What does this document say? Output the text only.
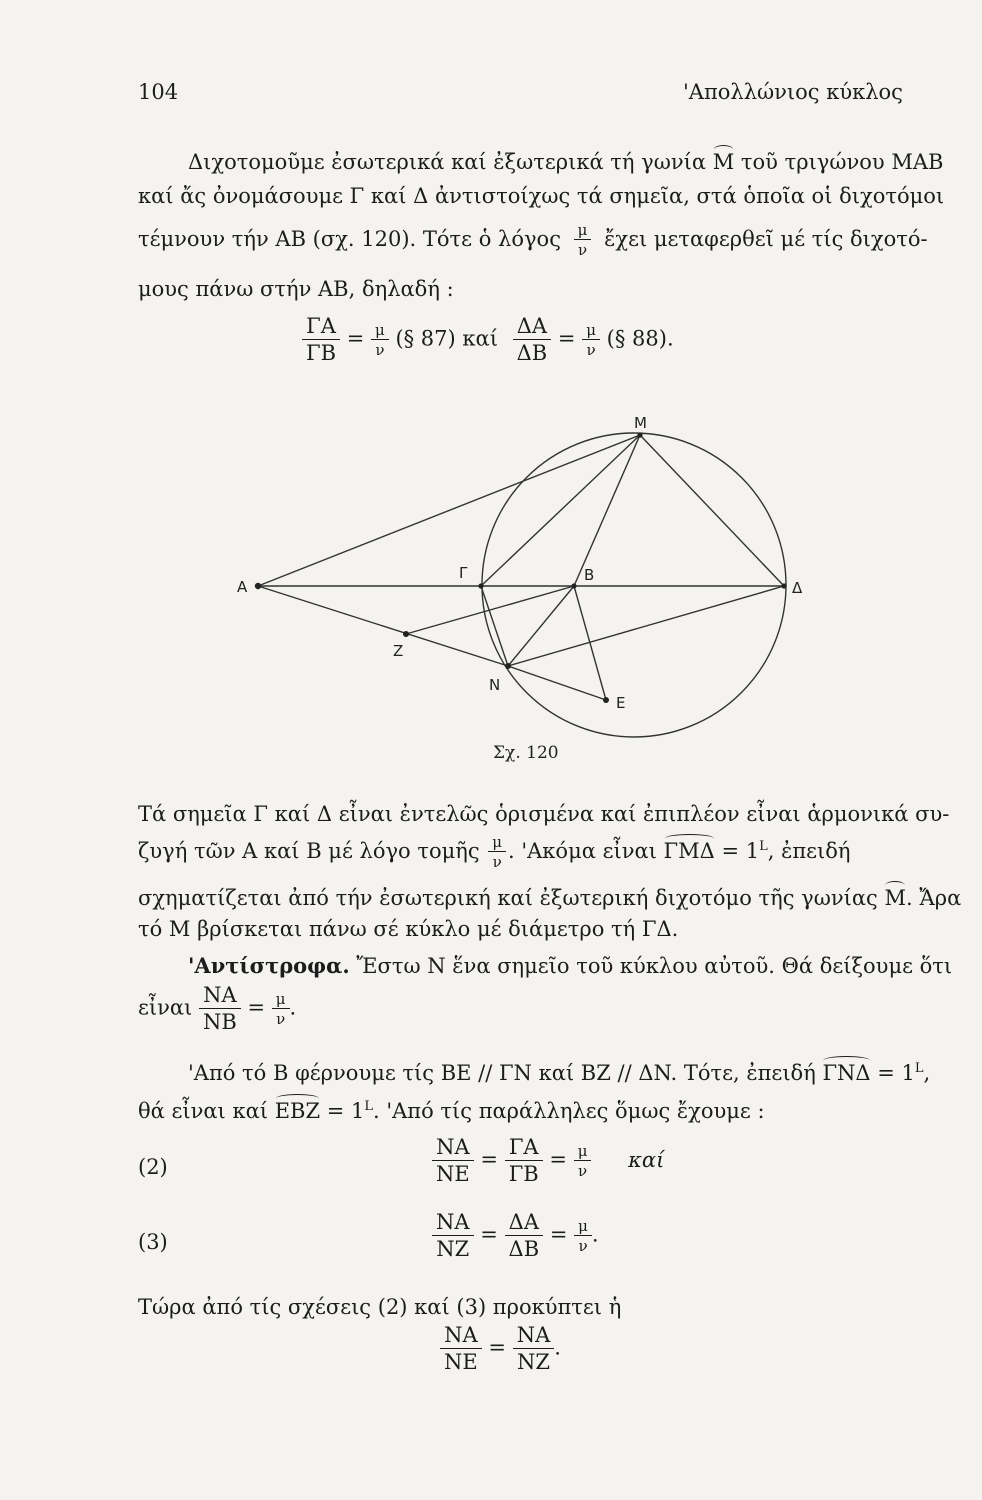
104	'Απολλώνιος κύκλος
Διχοτομοῦμε ἐσωτερικά καί ἐξωτερικά τή γωνία M τοῦ τριγώνου MAB
καί ἄς ὀνομάσουμε Γ καί Δ ἀντιστοίχως τά σημεῖα, στά ὁποῖα οἱ διχοτόμοι
τέμνουν τήν AB (σχ. 120). Τότε ὁ λόγος $\frac{\mu}{\nu}$ ἔχει μεταφερθεῖ μέ τίς διχοτό-
μους πάνω στήν AB, δηλαδή :
$\frac{\Gamma A}{\Gamma B} = \frac{\mu}{\nu}$ (§ 87) καί $\frac{\Delta A}{\Delta B} = \frac{\mu}{\nu}$ (§ 88).
M
A
Γ	B
Δ
Z
N
E
Σχ. 120
Τά σημεῖα Γ καί Δ εἶναι ἐντελῶς ὁρισμένα καί ἐπιπλέον εἶναι ἁρμονικά συ-
ζυγή τῶν A καί B μέ λόγο τομῆς $\frac{\mu}{\nu}$ . 'Ακόμα εἶναι $\Gamma M\Delta = 1^L$, ἐπειδή
σχηματίζεται ἀπό τήν ἐσωτερική καί ἐξωτερική διχοτόμο τῆς γωνίας M. Ἄρα
τό M βρίσκεται πάνω σέ κύκλο μέ διάμετρο τή ΓΔ.
'Αντίστροφα. Ἔστω N ἕνα σημεῖο τοῦ κύκλου αὐτοῦ. Θά δείξουμε ὅτι
εἶναι $\frac{NA}{NB} = \frac{\mu}{\nu}$ .
'Από τό B φέρνουμε τίς BE // ΓN καί BZ // ΔN. Τότε, ἐπειδή $\Gamma N\Delta = 1^L$,
θά εἶναι καί EBZ = $1^L$. 'Από τίς παράλληλες ὅμως ἔχουμε :
(2)	$\frac{NA}{NE} = \frac{\Gamma A}{\Gamma B} = \frac{\mu}{\nu}$ καί
(3)	$\frac{NA}{NZ} = \frac{\Delta A}{\Delta B} = \frac{\mu}{\nu}$ .
Τώρα ἀπό τίς σχέσεις (2) καί (3) προκύπτει ἡ
$\frac{NA}{NE} = \frac{NA}{NZ}$ .
